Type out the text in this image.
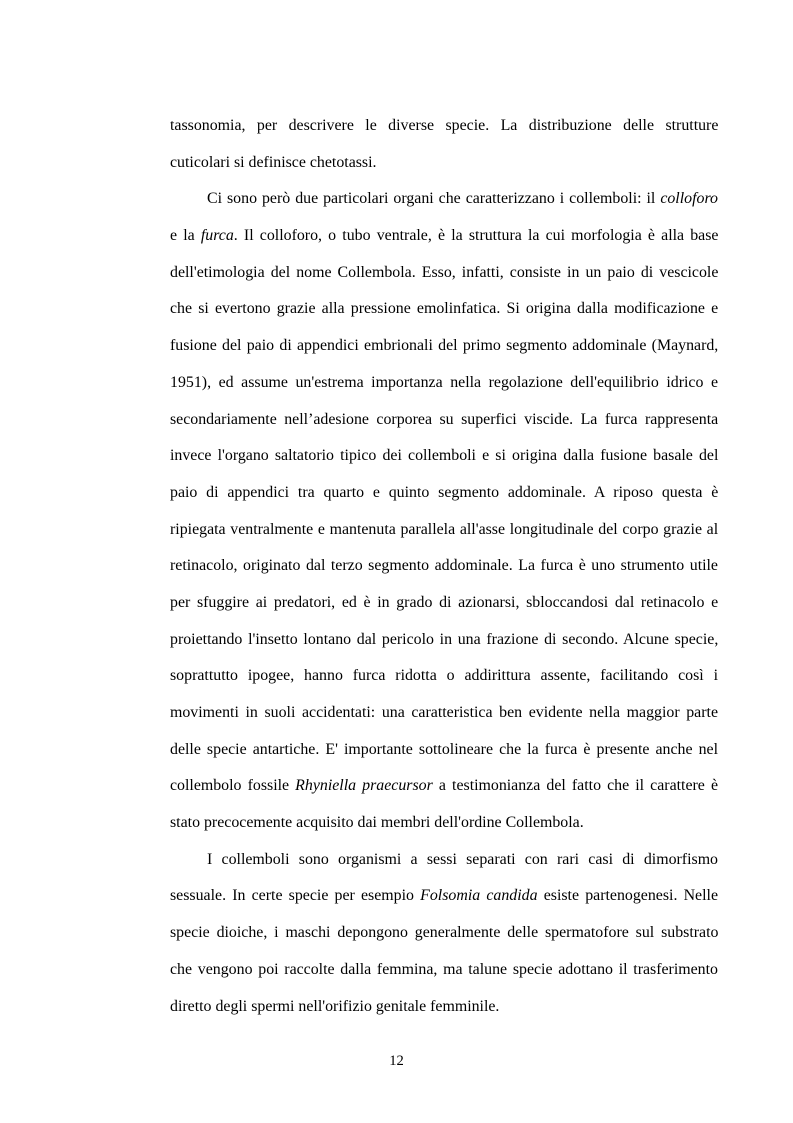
tassonomia, per descrivere le diverse specie. La distribuzione delle strutture
cuticolari si definisce chetotassi.
Ci sono però due particolari organi che caratterizzano i collemboli: il colloforo
e la furca. Il colloforo, o tubo ventrale, è la struttura la cui morfologia è alla base
dell'etimologia del nome Collembola. Esso, infatti, consiste in un paio di vescicole
che si evertono grazie alla pressione emolinfatica. Si origina dalla modificazione e
fusione del paio di appendici embrionali del primo segmento addominale (Maynard,
1951), ed assume un'estrema importanza nella regolazione dell'equilibrio idrico e
secondariamente nell’adesione corporea su superfici viscide. La furca rappresenta
invece l'organo saltatorio tipico dei collemboli e si origina dalla fusione basale del
paio di appendici tra quarto e quinto segmento addominale. A riposo questa è
ripiegata ventralmente e mantenuta parallela all'asse longitudinale del corpo grazie al
retinacolo, originato dal terzo segmento addominale. La furca è uno strumento utile
per sfuggire ai predatori, ed è in grado di azionarsi, sbloccandosi dal retinacolo e
proiettando l'insetto lontano dal pericolo in una frazione di secondo. Alcune specie,
soprattutto ipogee, hanno furca ridotta o addirittura assente, facilitando così i
movimenti in suoli accidentati: una caratteristica ben evidente nella maggior parte
delle specie antartiche. E' importante sottolineare che la furca è presente anche nel
collembolo fossile Rhyniella praecursor a testimonianza del fatto che il carattere è
stato precocemente acquisito dai membri dell'ordine Collembola.
I collemboli sono organismi a sessi separati con rari casi di dimorfismo
sessuale. In certe specie per esempio Folsomia candida esiste partenogenesi. Nelle
specie dioiche, i maschi depongono generalmente delle spermatofore sul substrato
che vengono poi raccolte dalla femmina, ma talune specie adottano il trasferimento
diretto degli spermi nell'orifizio genitale femminile.
12
